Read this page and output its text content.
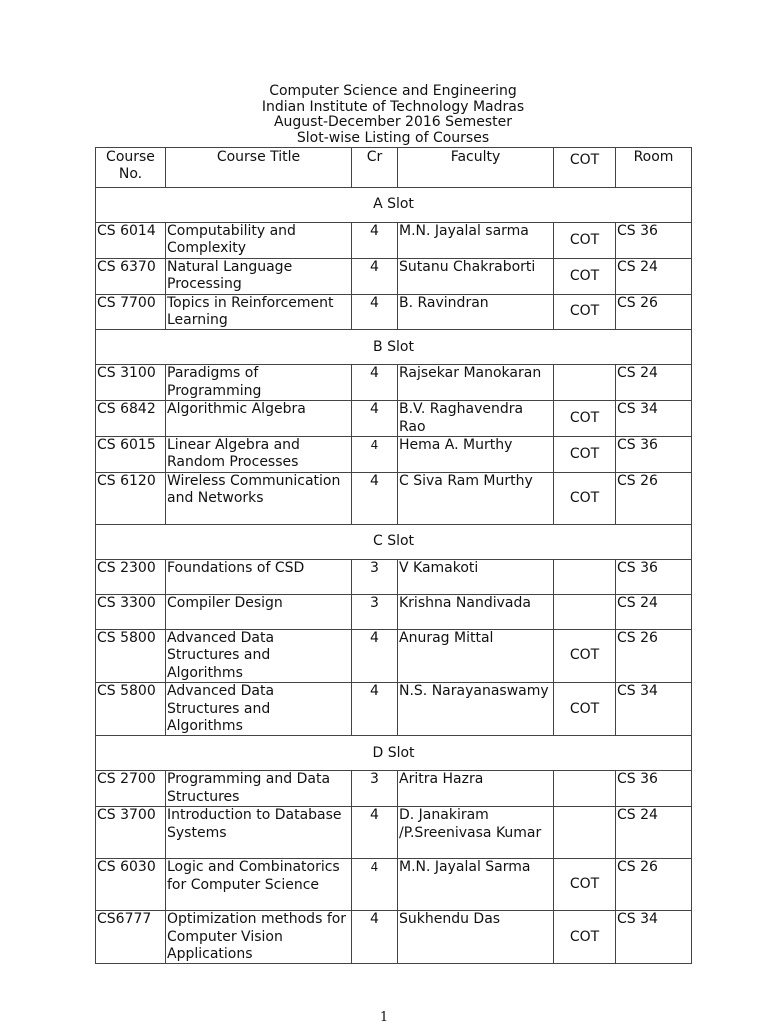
Computer Science and Engineering
Indian Institute of Technology Madras
August-December 2016 Semester
Slot-wise Listing of Courses
Course No.	Course Title	Cr	Faculty	COT	Room
A Slot					
CS 6014	Computability and Complexity	4	M.N. Jayalal sarma	COT	CS 36
CS 6370	Natural Language Processing	4	Sutanu Chakraborti	COT	CS 24
CS 7700	Topics in Reinforcement Learning	4	B. Ravindran	COT	CS 26
B Slot					
CS 3100	Paradigms of Programming	4	Rajsekar Manokaran		CS 24
CS 6842	Algorithmic Algebra	4	B.V. Raghavendra Rao	COT	CS 34
CS 6015	Linear Algebra and Random Processes	4	Hema A. Murthy	COT	CS 36
CS 6120	Wireless Communication and Networks	4	C Siva Ram Murthy	COT	CS 26
C Slot					
CS 2300	Foundations of CSD	3	V Kamakoti		CS 36
CS 3300	Compiler Design	3	Krishna Nandivada		CS 24
CS 5800	Advanced Data Structures and Algorithms	4	Anurag Mittal	COT	CS 26
CS 5800	Advanced Data Structures and Algorithms	4	N.S. Narayanaswamy	COT	CS 34
D Slot					
CS 2700	Programming and Data Structures	3	Aritra Hazra		CS 36
CS 3700	Introduction to Database Systems	4	D. Janakiram /P.Sreenivasa Kumar		CS 24
CS 6030	Logic and Combinatorics for Computer Science	4	M.N. Jayalal Sarma	COT	CS 26
CS6777	Optimization methods for Computer Vision Applications	4	Sukhendu Das	COT	CS 34
1
